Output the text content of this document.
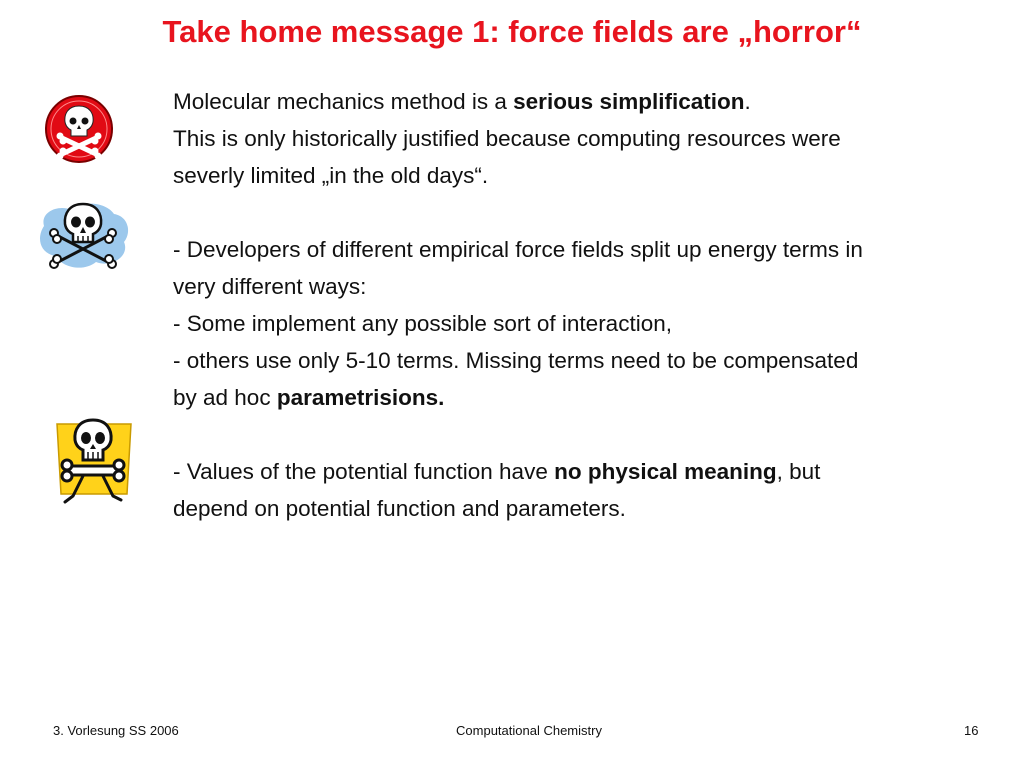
Take home message 1: force fields are „horror“

Molecular mechanics method is a serious simplification.

This is only historically justified because computing resources were

severly limited „in the old days“.

- Developers of different empirical force fields split up energy terms in

very different ways:

- Some implement any possible sort of interaction,

- others use only 5-10 terms. Missing terms need to be compensated

by ad hoc parametrisions.

- Values of the potential function have no physical meaning, but

depend on potential function and parameters.

3. Vorlesung SS 2006	Computational Chemistry	16
